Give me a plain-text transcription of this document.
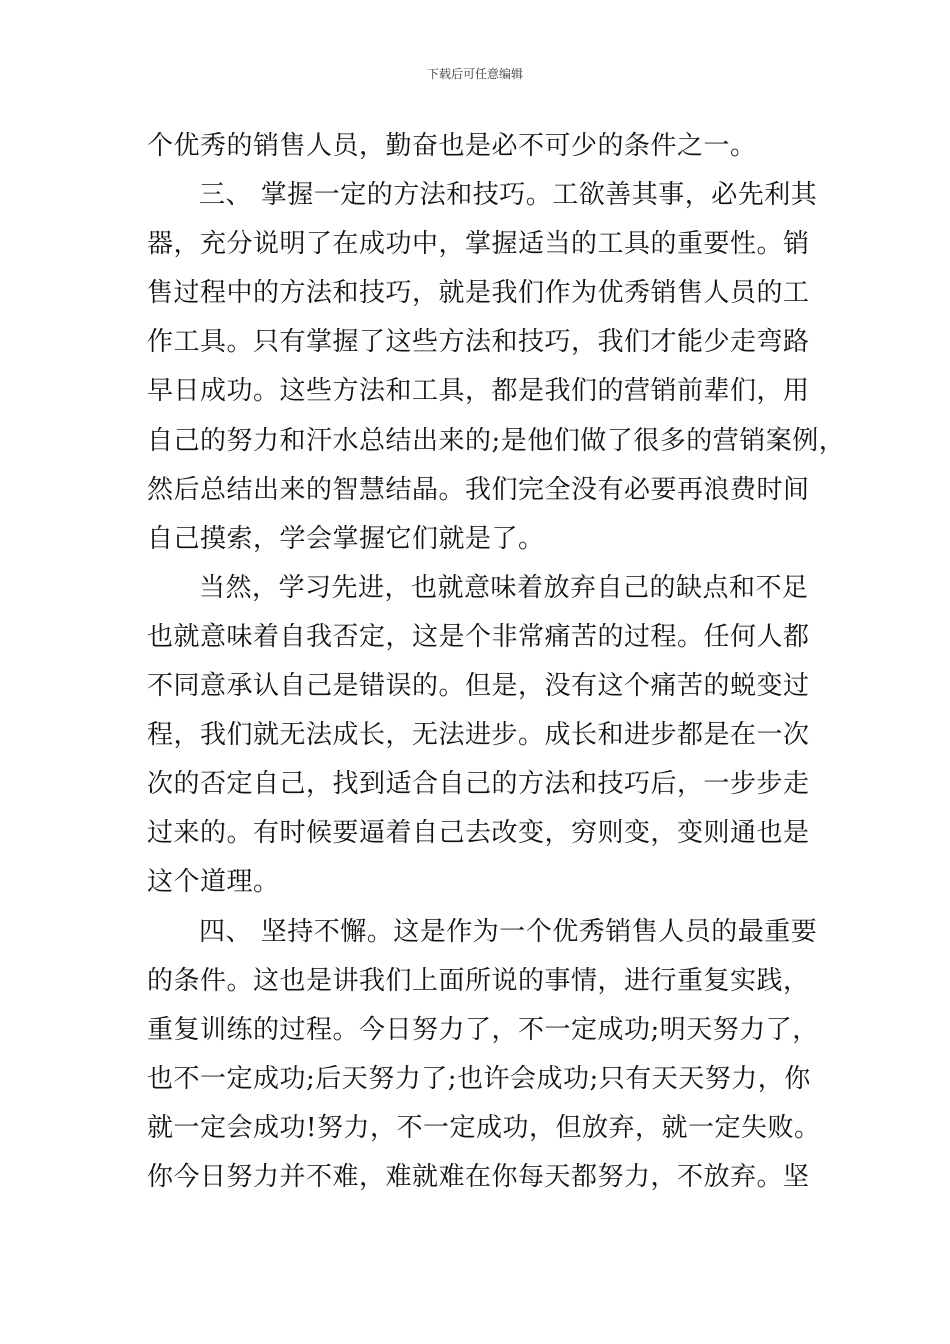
下载后可任意编辑
个优秀的销售人员，勤奋也是必不可少的条件之一。
三、 掌握一定的方法和技巧。工欲善其事，必先利其
器，充分说明了在成功中，掌握适当的工具的重要性。销
售过程中的方法和技巧，就是我们作为优秀销售人员的工
作工具。只有掌握了这些方法和技巧，我们才能少走弯路
早日成功。这些方法和工具，都是我们的营销前辈们，用
自己的努力和汗水总结出来的;是他们做了很多的营销案例，
然后总结出来的智慧结晶。我们完全没有必要再浪费时间
自己摸索，学会掌握它们就是了。
当然，学习先进，也就意味着放弃自己的缺点和不足
也就意味着自我否定，这是个非常痛苦的过程。任何人都
不同意承认自己是错误的。但是，没有这个痛苦的蜕变过
程，我们就无法成长，无法进步。成长和进步都是在一次
次的否定自己，找到适合自己的方法和技巧后，一步步走
过来的。有时候要逼着自己去改变，穷则变，变则通也是
这个道理。
四、 坚持不懈。这是作为一个优秀销售人员的最重要
的条件。这也是讲我们上面所说的事情，进行重复实践，
重复训练的过程。今日努力了，不一定成功;明天努力了，
也不一定成功;后天努力了;也许会成功;只有天天努力，你
就一定会成功!努力，不一定成功，但放弃，就一定失败。
你今日努力并不难，难就难在你每天都努力，不放弃。坚
